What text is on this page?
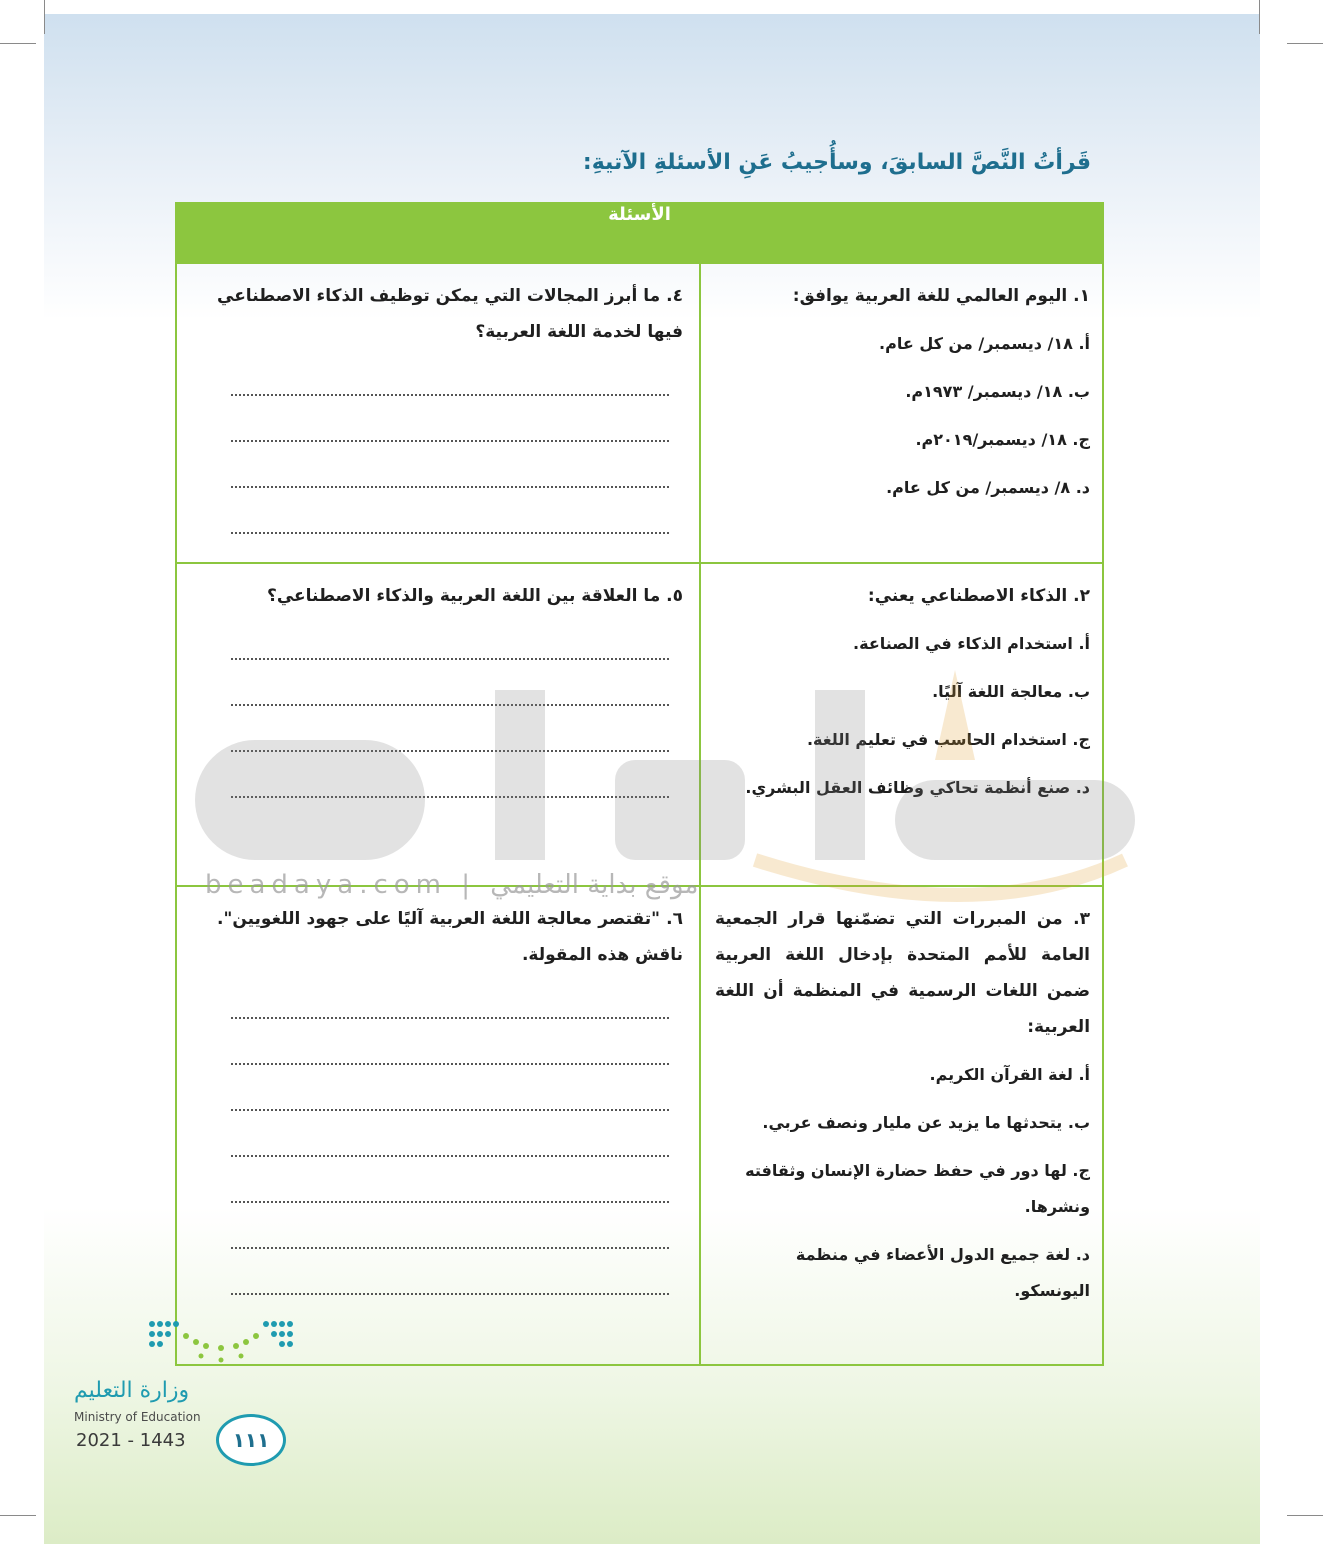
قَرأتُ النَّصَّ السابقَ، وسأُجيبُ عَنِ الأسئلةِ الآتيةِ:
الأسئلة	

١. اليوم العالمي للغة العربية يوافق:

أ. ١٨/ ديسمبر/ من كل عام.

ب. ١٨/ ديسمبر/ ١٩٧٣م.

ج. ١٨/ ديسمبر/٢٠١٩م.

د. ٨/ ديسمبر/ من كل عام.	٤. ما أبرز المجالات التي يمكن توظيف الذكاء الاصطناعي فيها لخدمة اللغة العربية؟

٢. الذكاء الاصطناعي يعني:

أ. استخدام الذكاء في الصناعة.

ب. معالجة اللغة آليًا.

ج. استخدام الحاسب في تعليم اللغة.

د. صنع أنظمة تحاكي وظائف العقل البشري.	٥. ما العلاقة بين اللغة العربية والذكاء الاصطناعي؟

٣. من المبررات التي تضمّنها قرار الجمعية العامة للأمم المتحدة بإدخال اللغة العربية ضمن اللغات الرسمية في المنظمة أن اللغة العربية:

أ. لغة القرآن الكريم.

ب. يتحدثها ما يزيد عن مليار ونصف عربي.

ج. لها دور في حفظ حضارة الإنسان وثقافته ونشرها.

د. لغة جميع الدول الأعضاء في منظمة اليونسكو.	٦. "تقتصر معالجة اللغة العربية آليًا على جهود اللغويين". ناقش هذه المقولة.

beadaya.com | موقع بداية التعليمي
وزارة التعليم
Ministry of Education
2021 - 1443	١١١
